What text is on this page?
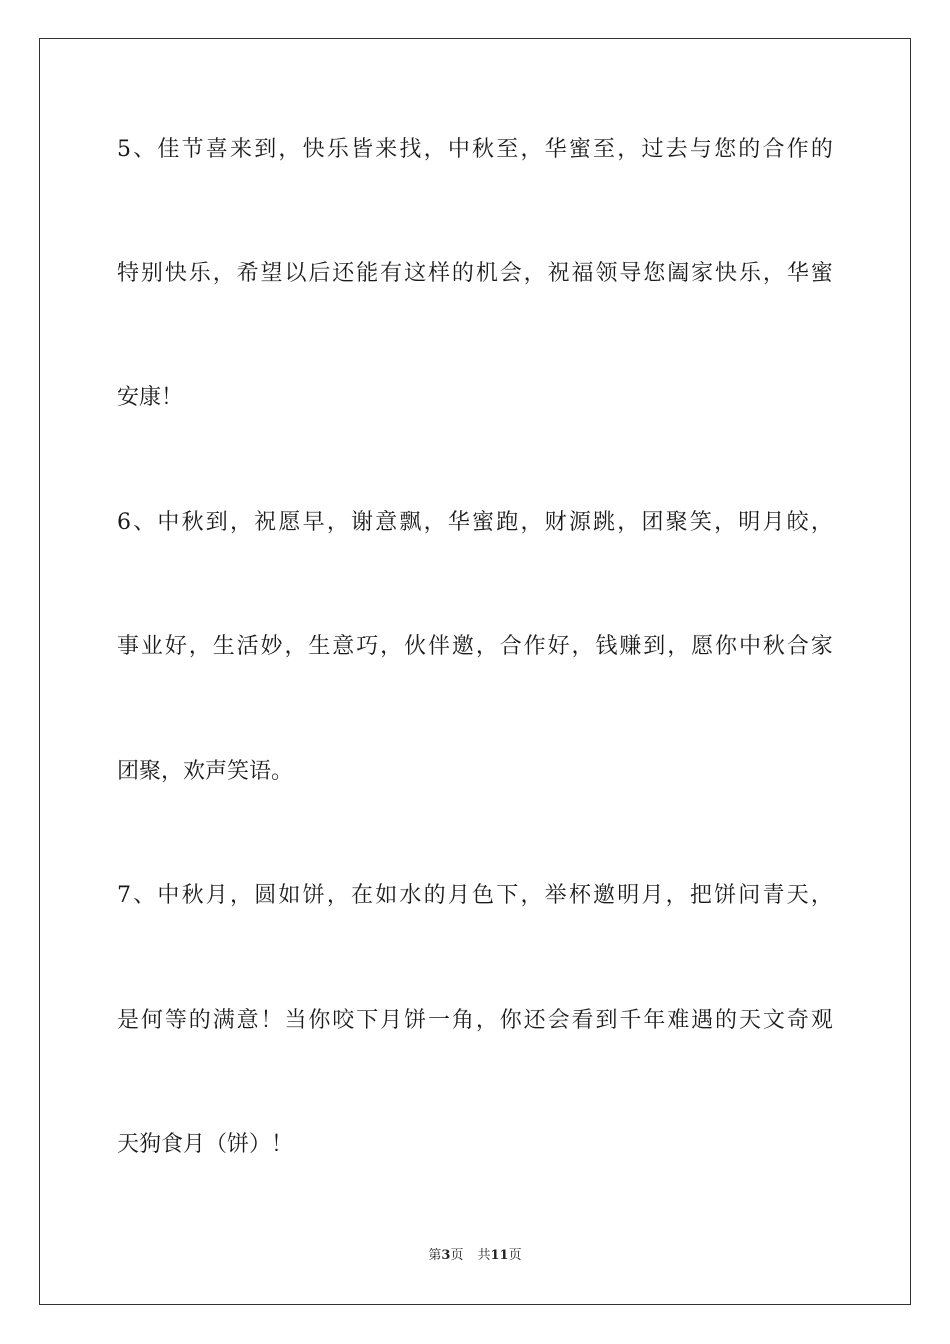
5 、 佳 节 喜 来 到 ， 快 乐 皆 来 找 ， 中 秋 至 ， 华 蜜 至 ， 过 去 与 您 的 合 作 的
特 别 快 乐 ， 希 望 以 后 还 能 有 这 样 的 机 会 ， 祝 福 领 导 您 阖 家 快 乐 ， 华 蜜
安康！
6 、 中 秋 到 ， 祝 愿 早 ， 谢 意 飘 ， 华 蜜 跑 ， 财 源 跳 ， 团 聚 笑 ， 明 月 皎 ，
事 业 好 ， 生 活 妙 ， 生 意 巧 ， 伙 伴 邀 ， 合 作 好 ， 钱 赚 到 ， 愿 你 中 秋 合 家
团聚，欢声笑语。
7 、 中 秋 月 ， 圆 如 饼 ， 在 如 水 的 月 色 下 ， 举 杯 邀 明 月 ， 把 饼 问 青 天 ，
是 何 等 的 满 意 ！ 当 你 咬 下 月 饼 一 角 ， 你 还 会 看 到 千 年 难 遇 的 天 文 奇 观
天狗食月（饼）！
第3页 共11页
